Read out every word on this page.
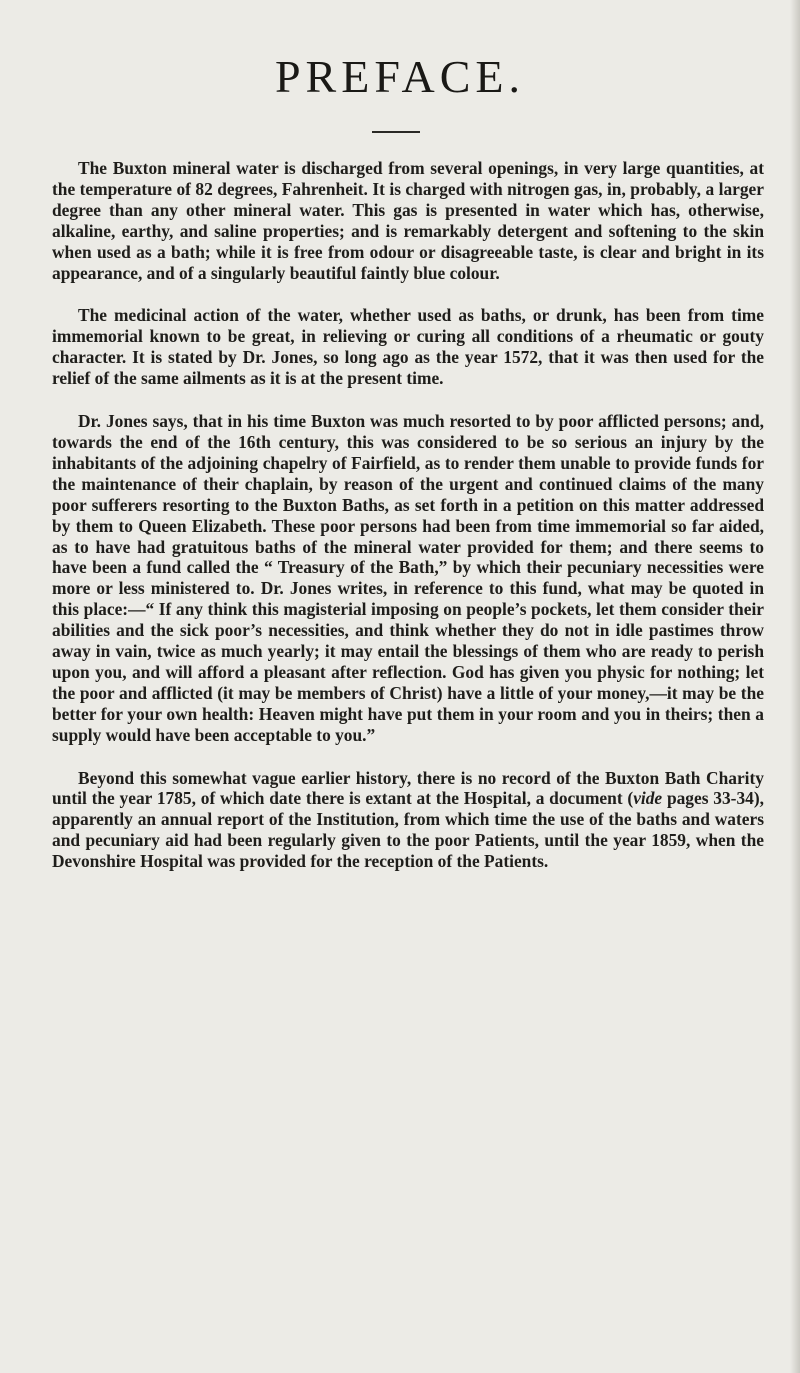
PREFACE.

The Buxton mineral water is discharged from several openings, in very large quantities, at the temperature of 82 degrees, Fahrenheit. It is charged with nitrogen gas, in, probably, a larger degree than any other mineral water. This gas is presented in water which has, otherwise, alkaline, earthy, and saline properties; and is remarkably detergent and softening to the skin when used as a bath; while it is free from odour or disagreeable taste, is clear and bright in its appearance, and of a singularly beautiful faintly blue colour.

The medicinal action of the water, whether used as baths, or drunk, has been from time immemorial known to be great, in relieving or curing all conditions of a rheumatic or gouty character. It is stated by Dr. Jones, so long ago as the year 1572, that it was then used for the relief of the same ailments as it is at the present time.

Dr. Jones says, that in his time Buxton was much resorted to by poor afflicted persons; and, towards the end of the 16th century, this was considered to be so serious an injury by the inhabitants of the adjoining chapelry of Fairfield, as to render them unable to provide funds for the maintenance of their chaplain, by reason of the urgent and continued claims of the many poor sufferers resorting to the Buxton Baths, as set forth in a petition on this matter addressed by them to Queen Elizabeth. These poor persons had been from time immemorial so far aided, as to have had gratuitous baths of the mineral water provided for them; and there seems to have been a fund called the “ Treasury of the Bath,” by which their pecuniary necessities were more or less ministered to. Dr. Jones writes, in reference to this fund, what may be quoted in this place:—“ If any think this magisterial imposing on people’s pockets, let them consider their abilities and the sick poor’s necessities, and think whether they do not in idle pastimes throw away in vain, twice as much yearly; it may entail the blessings of them who are ready to perish upon you, and will afford a pleasant after reflection. God has given you physic for nothing; let the poor and afflicted (it may be members of Christ) have a little of your money,—it may be the better for your own health: Heaven might have put them in your room and you in theirs; then a supply would have been acceptable to you.”

Beyond this somewhat vague earlier history, there is no record of the Buxton Bath Charity until the year 1785, of which date there is extant at the Hospital, a document (vide pages 33-34), apparently an annual report of the Institution, from which time the use of the baths and waters and pecuniary aid had been regularly given to the poor Patients, until the year 1859, when the Devonshire Hospital was provided for the reception of the Patients.
